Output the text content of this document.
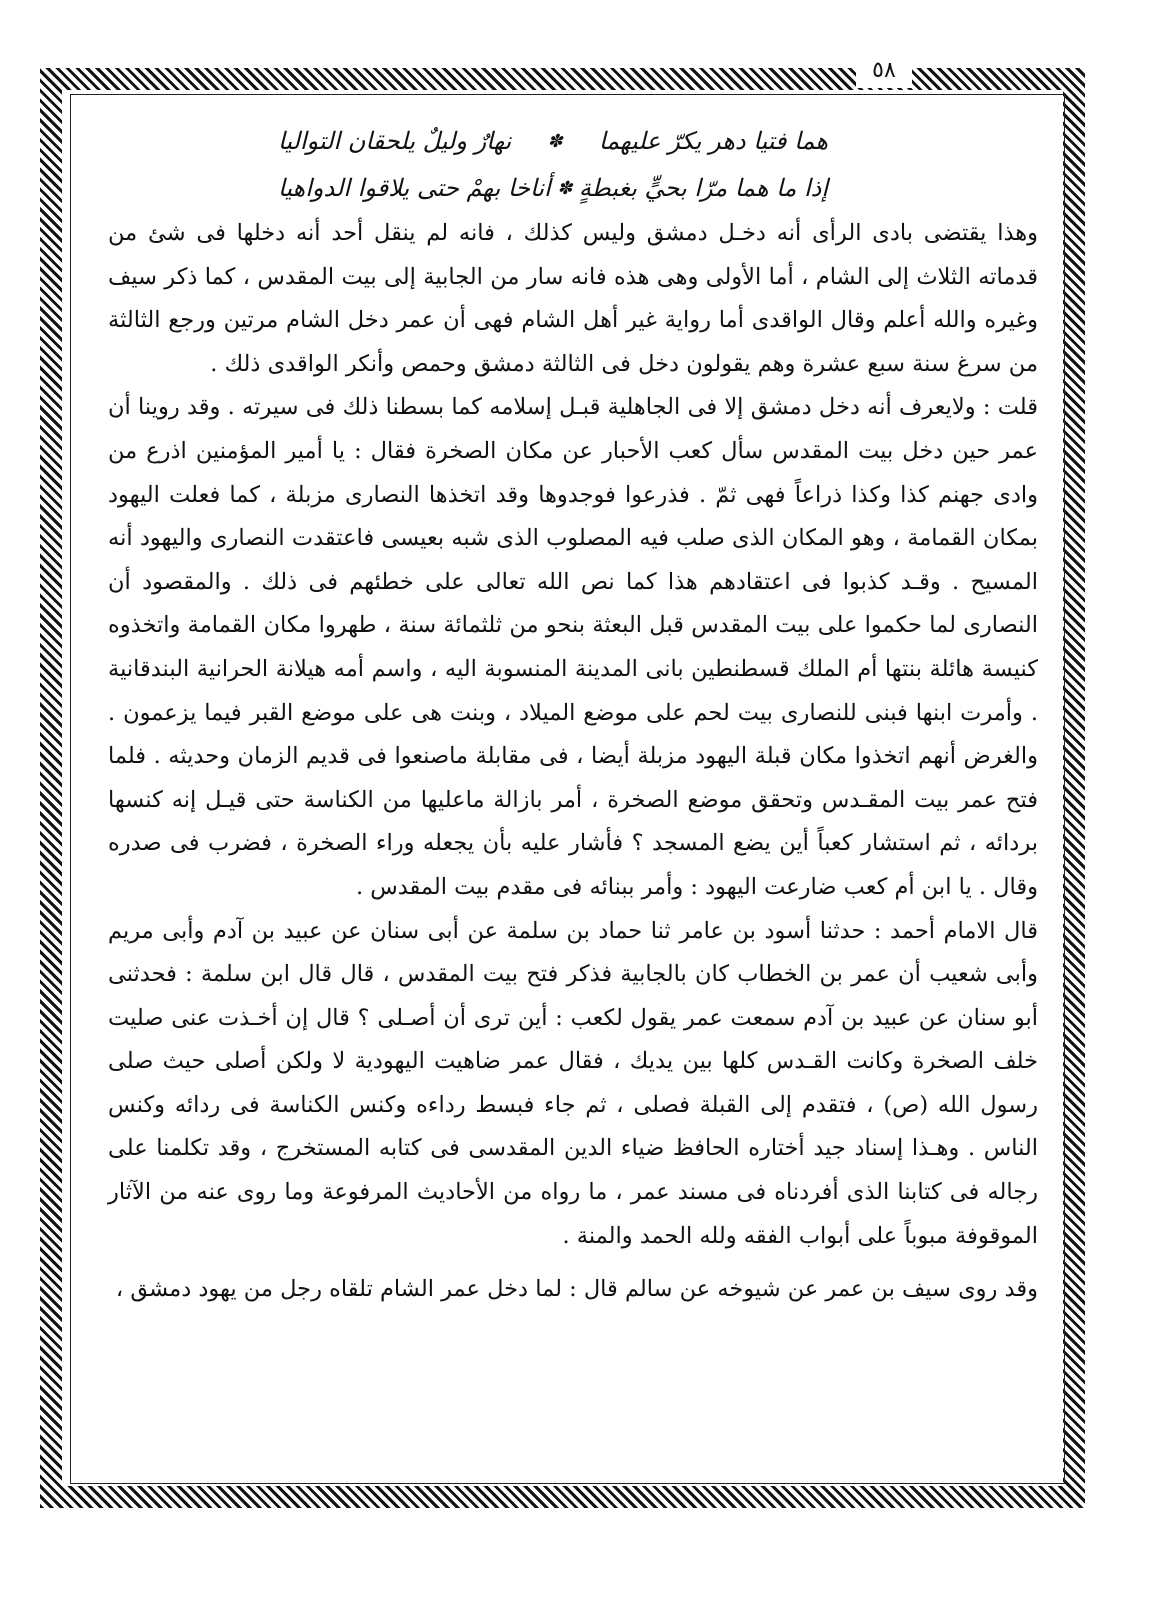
٥٨
هما فتيا دهر يكرّ عليهما
✽
نهارٌ وليلٌ يلحقان التواليا
إذا ما هما مرّا بحيٍّ بغبطةٍ
✽
أناخا بهمْ حتى يلاقوا الدواهيا

وهذا يقتضى بادى الرأى أنه دخـل دمشق وليس كذلك ، فانه لم ينقل أحد أنه دخلها فى شئ من قدماته الثلاث إلى الشام ، أما الأولى وهى هذه فانه سار من الجابية إلى بيت المقدس ، كما ذكر سيف وغيره والله أعلم وقال الواقدى أما رواية غير أهل الشام فهى أن عمر دخل الشام مرتين ورجع الثالثة من سرغ سنة سبع عشرة وهم يقولون دخل فى الثالثة دمشق وحمص وأنكر الواقدى ذلك .

قلت : ولايعرف أنه دخل دمشق إلا فى الجاهلية قبـل إسلامه كما بسطنا ذلك فى سيرته . وقد روينا أن عمر حين دخل بيت المقدس سأل كعب الأحبار عن مكان الصخرة فقال : يا أمير المؤمنين اذرع من وادى جهنم كذا وكذا ذراعاً فهى ثمّ . فذرعوا فوجدوها وقد اتخذها النصارى مزبلة ، كما فعلت اليهود بمكان القمامة ، وهو المكان الذى صلب فيه المصلوب الذى شبه بعيسى فاعتقدت النصارى واليهود أنه المسيح . وقـد كذبوا فى اعتقادهم هذا كما نص الله تعالى على خطئهم فى ذلك . والمقصود أن النصارى لما حكموا على بيت المقدس قبل البعثة بنحو من ثلثمائة سنة ، طهروا مكان القمامة واتخذوه كنيسة هائلة بنتها أم الملك قسطنطين بانى المدينة المنسوبة اليه ، واسم أمه هيلانة الحرانية البندقانية . وأمرت ابنها فبنى للنصارى بيت لحم على موضع الميلاد ، وبنت هى على موضع القبر فيما يزعمون . والغرض أنهم اتخذوا مكان قبلة اليهود مزبلة أيضا ، فى مقابلة ماصنعوا فى قديم الزمان وحديثه . فلما فتح عمر بيت المقـدس وتحقق موضع الصخرة ، أمر بازالة ماعليها من الكناسة حتى قيـل إنه كنسها بردائه ، ثم استشار كعباً أين يضع المسجد ؟ فأشار عليه بأن يجعله وراء الصخرة ، فضرب فى صدره وقال . يا ابن أم كعب ضارعت اليهود : وأمر ببنائه فى مقدم بيت المقدس .

قال الامام أحمد : حدثنا أسود بن عامر ثنا حماد بن سلمة عن أبى سنان عن عبيد بن آدم وأبى مريم وأبى شعيب أن عمر بن الخطاب كان بالجابية فذكر فتح بيت المقدس ، قال قال ابن سلمة : فحدثنى أبو سنان عن عبيد بن آدم سمعت عمر يقول لكعب : أين ترى أن أصـلى ؟ قال إن أخـذت عنى صليت خلف الصخرة وكانت القـدس كلها بين يديك ، فقال عمر ضاهيت اليهودية لا ولكن أصلى حيث صلى رسول الله (ص) ، فتقدم إلى القبلة فصلى ، ثم جاء فبسط رداءه وكنس الكناسة فى ردائه وكنس الناس . وهـذا إسناد جيد أختاره الحافظ ضياء الدين المقدسى فى كتابه المستخرج ، وقد تكلمنا على رجاله فى كتابنا الذى أفردناه فى مسند عمر ، ما رواه من الأحاديث المرفوعة وما روى عنه من الآثار الموقوفة مبوباً على أبواب الفقه ولله الحمد والمنة .

وقد روى سيف بن عمر عن شيوخه عن سالم قال : لما دخل عمر الشام تلقاه رجل من يهود دمشق ،
